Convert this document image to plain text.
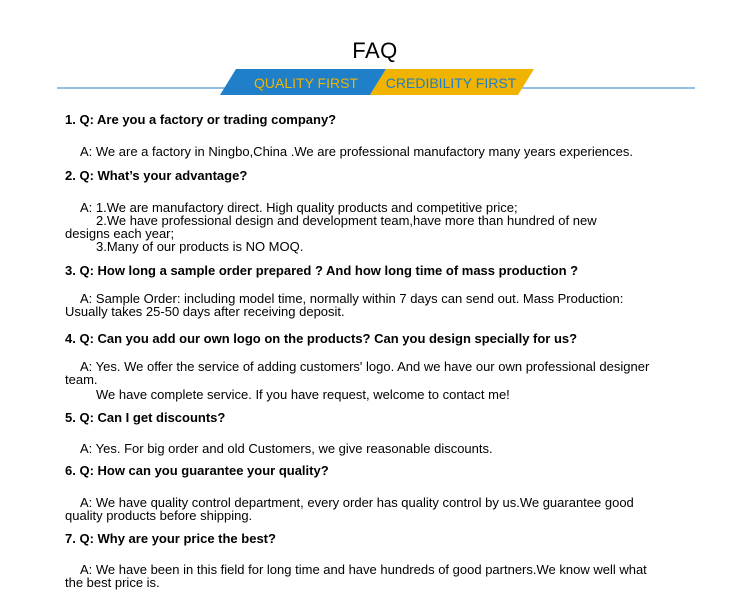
FAQ
QUALITY FIRST CREDIBILITY FIRST

1. Q: Are you a factory or trading company?

A: We are a factory in Ningbo,China .We are professional manufactory many years experiences.

2. Q: What’s your advantage?

A: 1.We are manufactory direct. High quality products and competitive price;
2.We have professional design and development team,have more than hundred of new
designs each year;
3.Many of our products is NO MOQ.

3. Q: How long a sample order prepared ? And how long time of mass production ?

A: Sample Order: including model time, normally within 7 days can send out. Mass Production:
Usually takes 25-50 days after receiving deposit.

4. Q: Can you add our own logo on the products? Can you design specially for us?

A: Yes. We offer the service of adding customers' logo. And we have our own professional designer
team.
We have complete service. If you have request, welcome to contact me!

5. Q: Can I get discounts?

A: Yes. For big order and old Customers, we give reasonable discounts.

6. Q: How can you guarantee your quality?

A: We have quality control department, every order has quality control by us.We guarantee good
quality products before shipping.

7. Q: Why are your price the best?

A: We have been in this field for long time and have hundreds of good partners.We know well what
the best price is.
